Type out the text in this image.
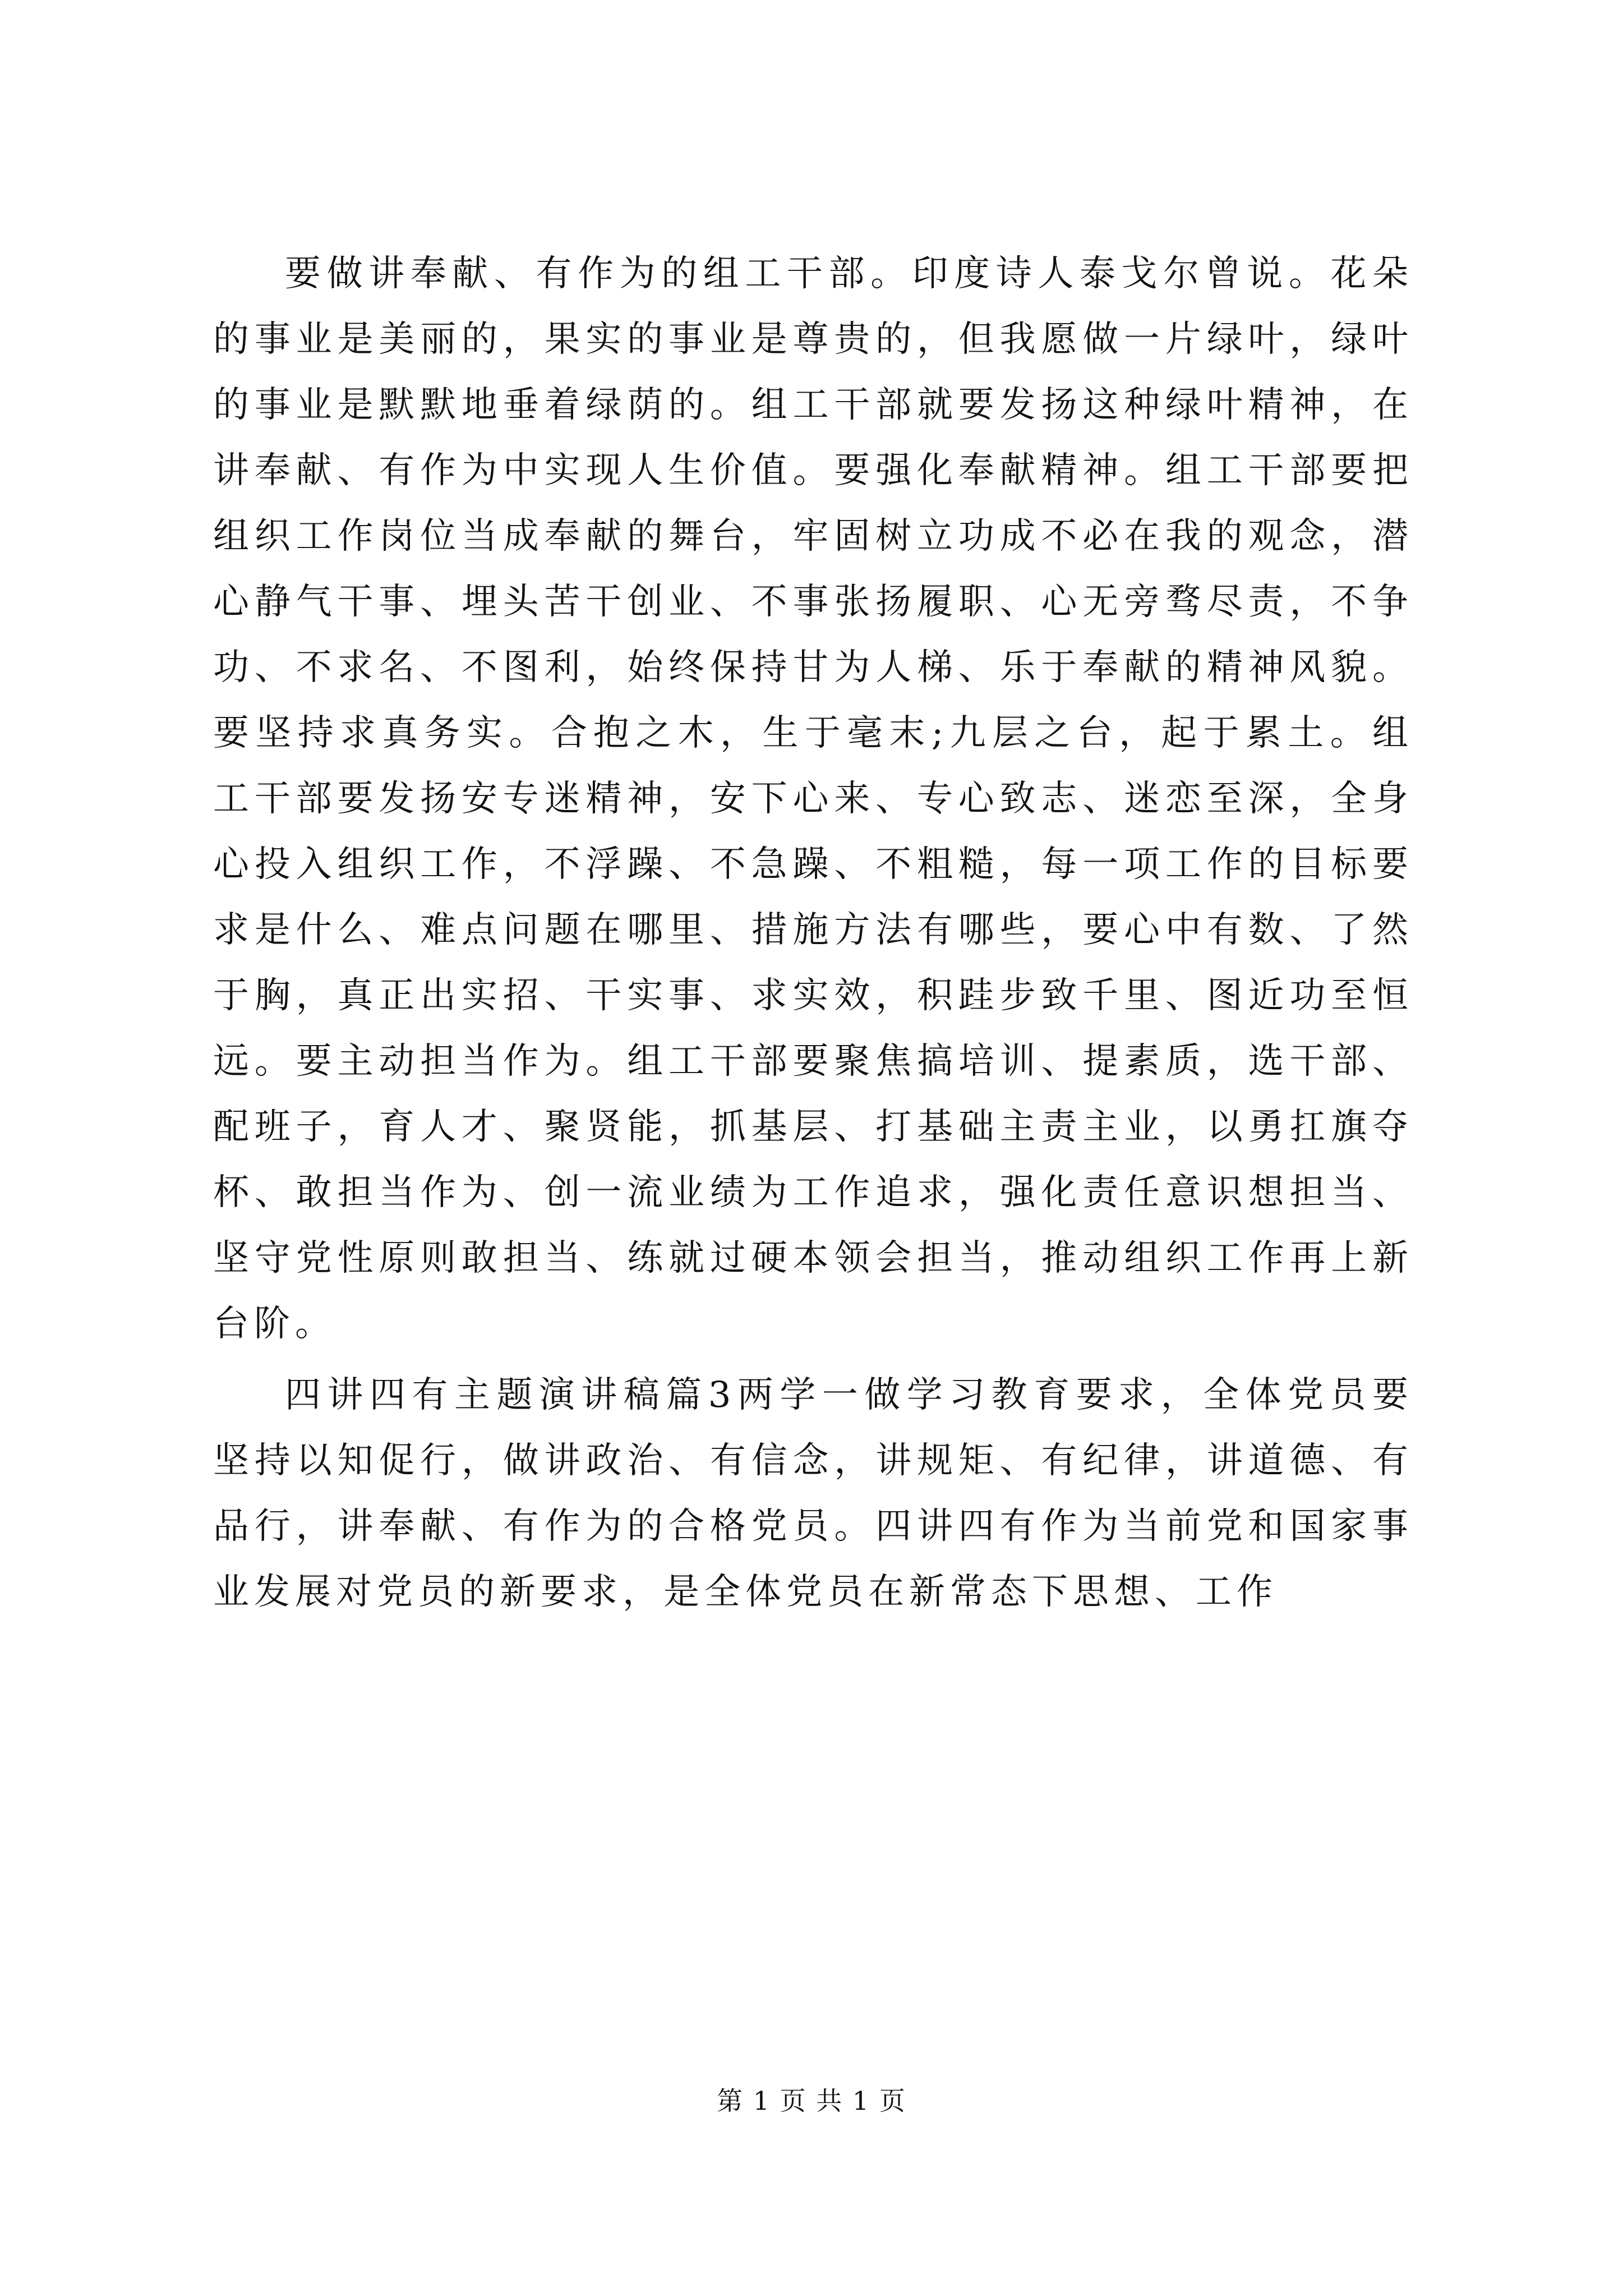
要做讲奉献、有作为的组工干部。印度诗人泰戈尔曾说。花朵的事业是美丽的，果实的事业是尊贵的，但我愿做一片绿叶，绿叶的事业是默默地垂着绿荫的。组工干部就要发扬这种绿叶精神，在讲奉献、有作为中实现人生价值。要强化奉献精神。组工干部要把组织工作岗位当成奉献的舞台，牢固树立功成不必在我的观念，潜心静气干事、埋头苦干创业、不事张扬履职、心无旁骛尽责，不争功、不求名、不图利，始终保持甘为人梯、乐于奉献的精神风貌。要坚持求真务实。合抱之木，生于毫末;九层之台，起于累土。组工干部要发扬安专迷精神，安下心来、专心致志、迷恋至深，全身心投入组织工作，不浮躁、不急躁、不粗糙，每一项工作的目标要求是什么、难点问题在哪里、措施方法有哪些，要心中有数、了然于胸，真正出实招、干实事、求实效，积跬步致千里、图近功至恒远。要主动担当作为。组工干部要聚焦搞培训、提素质，选干部、配班子，育人才、聚贤能，抓基层、打基础主责主业，以勇扛旗夺杯、敢担当作为、创一流业绩为工作追求，强化责任意识想担当、坚守党性原则敢担当、练就过硬本领会担当，推动组织工作再上新台阶。

四讲四有主题演讲稿篇3两学一做学习教育要求，全体党员要坚持以知促行，做讲政治、有信念，讲规矩、有纪律，讲道德、有品行，讲奉献、有作为的合格党员。四讲四有作为当前党和国家事业发展对党员的新要求，是全体党员在新常态下思想、工作

第 1 页 共 1 页
